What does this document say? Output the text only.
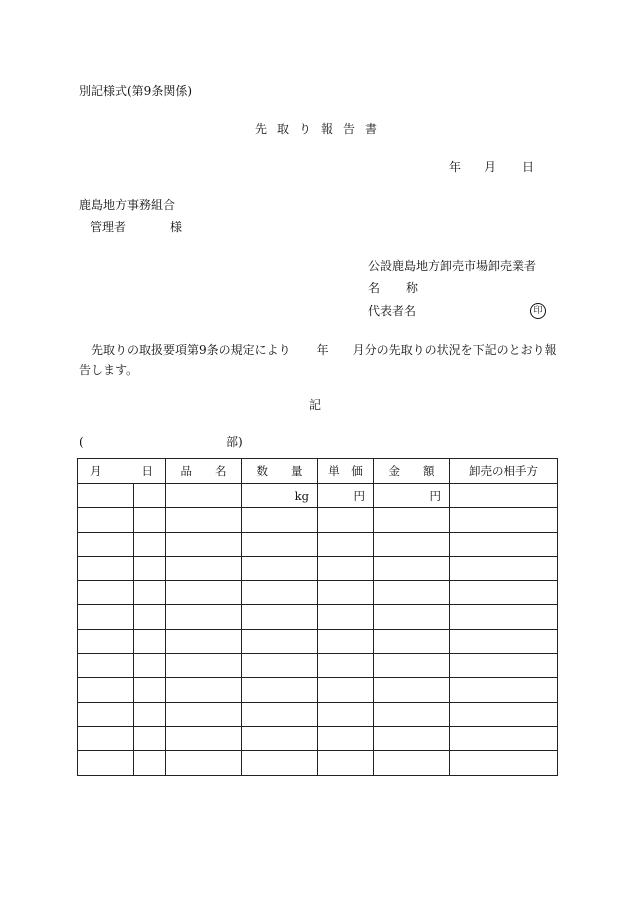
別記様式(第9条関係)
先取り報告書
年 月 日
鹿島地方事務組合
管理者	様
公設鹿島地方卸売市場卸売業者
名 称
代表者名	印
先取りの取扱要項第9条の規定により 年 月分の先取りの状況を下記のとおり報告します。
記
(	部)
月 日		品　　名	数　　量	単　価	金　　額	卸売の相手方
			kg	円	円	
